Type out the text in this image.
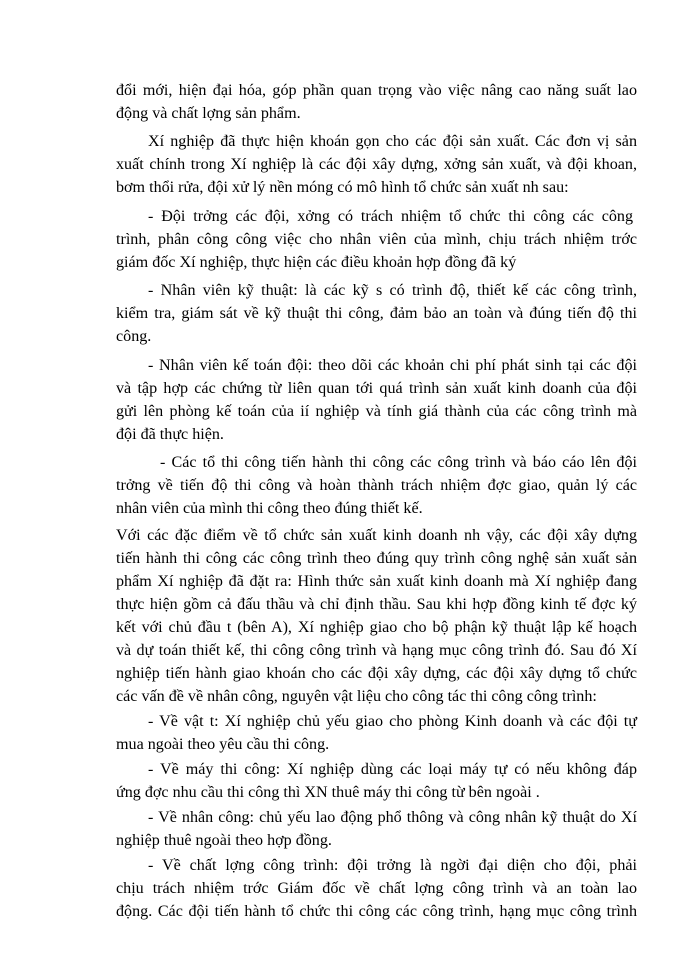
đổi mới, hiện đại hóa, góp phần quan trọng vào việc nâng cao năng suất lao
động và chất lợng sản phẩm.
Xí nghiệp đã thực hiện khoán gọn cho các đội sản xuất. Các đơn vị sản
xuất chính trong Xí nghiệp là các đội xây dựng, xởng sản xuất, và đội khoan,
bơm thổi rửa, đội xử lý nền móng có mô hình tổ chức sản xuất nh sau:
- Đội trởng các đội, xởng có trách nhiệm tổ chức thi công các công
trình, phân công công việc cho nhân viên của mình, chịu trách nhiệm trớc
giám đốc Xí nghiệp, thực hiện các điều khoản hợp đồng đã ký
- Nhân viên kỹ thuật: là các kỹ s có trình độ, thiết kế các công trình,
kiểm tra, giám sát về kỹ thuật thi công, đảm bảo an toàn và đúng tiến độ thi
công.
- Nhân viên kế toán đội: theo dõi các khoản chi phí phát sinh tại các đội
và tập hợp các chứng từ liên quan tới quá trình sản xuất kinh doanh của đội
gửi lên phòng kế toán của ií nghiệp và tính giá thành của các công trình mà
đội đã thực hiện.
- Các tổ thi công tiến hành thi công các công trình và báo cáo lên đội
trởng về tiến độ thi công và hoàn thành trách nhiệm đợc giao, quản lý các
nhân viên của mình thi công theo đúng thiết kế.
Với các đặc điểm về tổ chức sản xuất kinh doanh nh vậy, các đội xây dựng
tiến hành thi công các công trình theo đúng quy trình công nghệ sản xuất sản
phẩm Xí nghiệp đã đặt ra: Hình thức sản xuất kinh doanh mà Xí nghiệp đang
thực hiện gồm cả đấu thầu và chỉ định thầu. Sau khi hợp đồng kinh tế đợc ký
kết với chủ đầu t (bên A), Xí nghiệp giao cho bộ phận kỹ thuật lập kế hoạch
và dự toán thiết kế, thi công công trình và hạng mục công trình đó. Sau đó Xí
nghiệp tiến hành giao khoán cho các đội xây dựng, các đội xây dựng tổ chức
các vấn đề về nhân công, nguyên vật liệu cho công tác thi công công trình:
- Về vật t: Xí nghiệp chủ yếu giao cho phòng Kinh doanh và các đội tự
mua ngoài theo yêu cầu thi công.
- Về máy thi công: Xí nghiệp dùng các loại máy tự có nếu không đáp
ứng đợc nhu cầu thi công thì XN thuê máy thi công từ bên ngoài .
- Về nhân công: chủ yếu lao động phổ thông và công nhân kỹ thuật do Xí
nghiệp thuê ngoài theo hợp đồng.
- Về chất lợng công trình: đội trởng là ngời đại diện cho đội, phải
chịu trách nhiệm trớc Giám đốc về chất lợng công trình và an toàn lao
động. Các đội tiến hành tổ chức thi công các công trình, hạng mục công trình
